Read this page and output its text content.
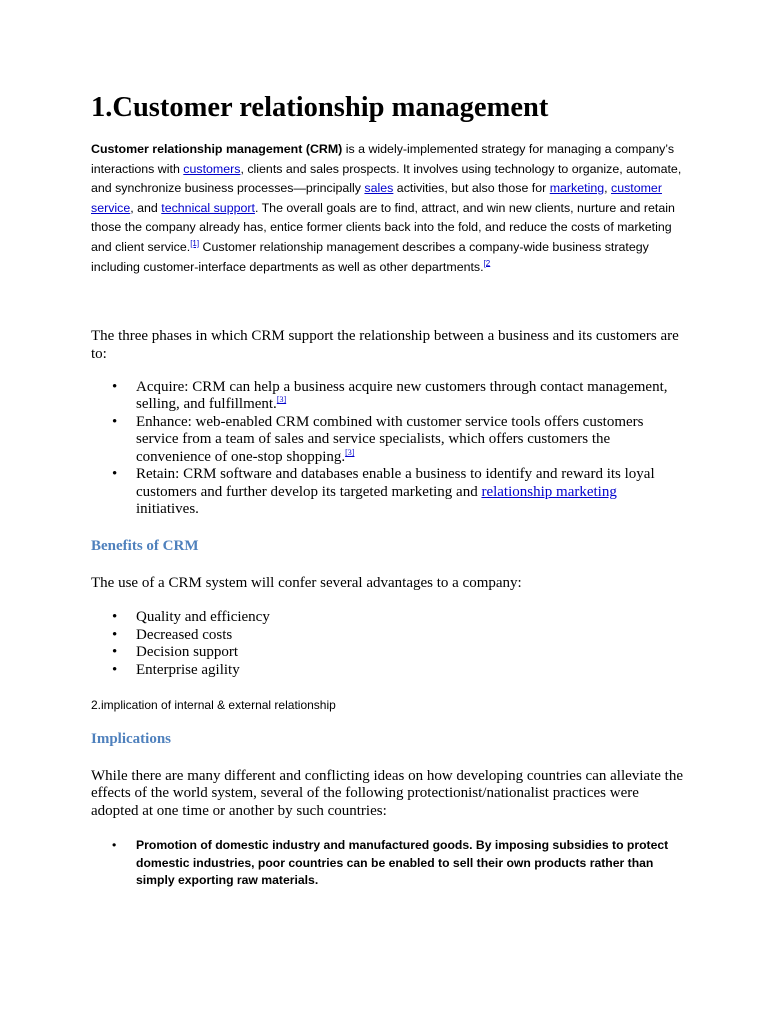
1.Customer relationship management

Customer relationship management (CRM) is a widely-implemented strategy for managing a company’s interactions with customers, clients and sales prospects. It involves using technology to organize, automate, and synchronize business processes—principally sales activities, but also those for marketing, customer service, and technical support. The overall goals are to find, attract, and win new clients, nurture and retain those the company already has, entice former clients back into the fold, and reduce the costs of marketing and client service.[1] Customer relationship management describes a company-wide business strategy including customer-interface departments as well as other departments.$^{[2}$

The three phases in which CRM support the relationship between a business and its customers are to:

• Acquire: CRM can help a business acquire new customers through contact management, selling, and fulfillment.[3]
• Enhance: web-enabled CRM combined with customer service tools offers customers service from a team of sales and service specialists, which offers customers the convenience of one-stop shopping.[3]
• Retain: CRM software and databases enable a business to identify and reward its loyal customers and further develop its targeted marketing and relationship marketing initiatives.
Benefits of CRM

The use of a CRM system will confer several advantages to a company:

• Quality and efficiency
• Decreased costs
• Decision support
• Enterprise agility

2.implication of internal & external relationship

Implications

While there are many different and conflicting ideas on how developing countries can alleviate the effects of the world system, several of the following protectionist/nationalist practices were adopted at one time or another by such countries:

• Promotion of domestic industry and manufactured goods. By imposing subsidies to protect domestic industries, poor countries can be enabled to sell their own products rather than simply exporting raw materials.
